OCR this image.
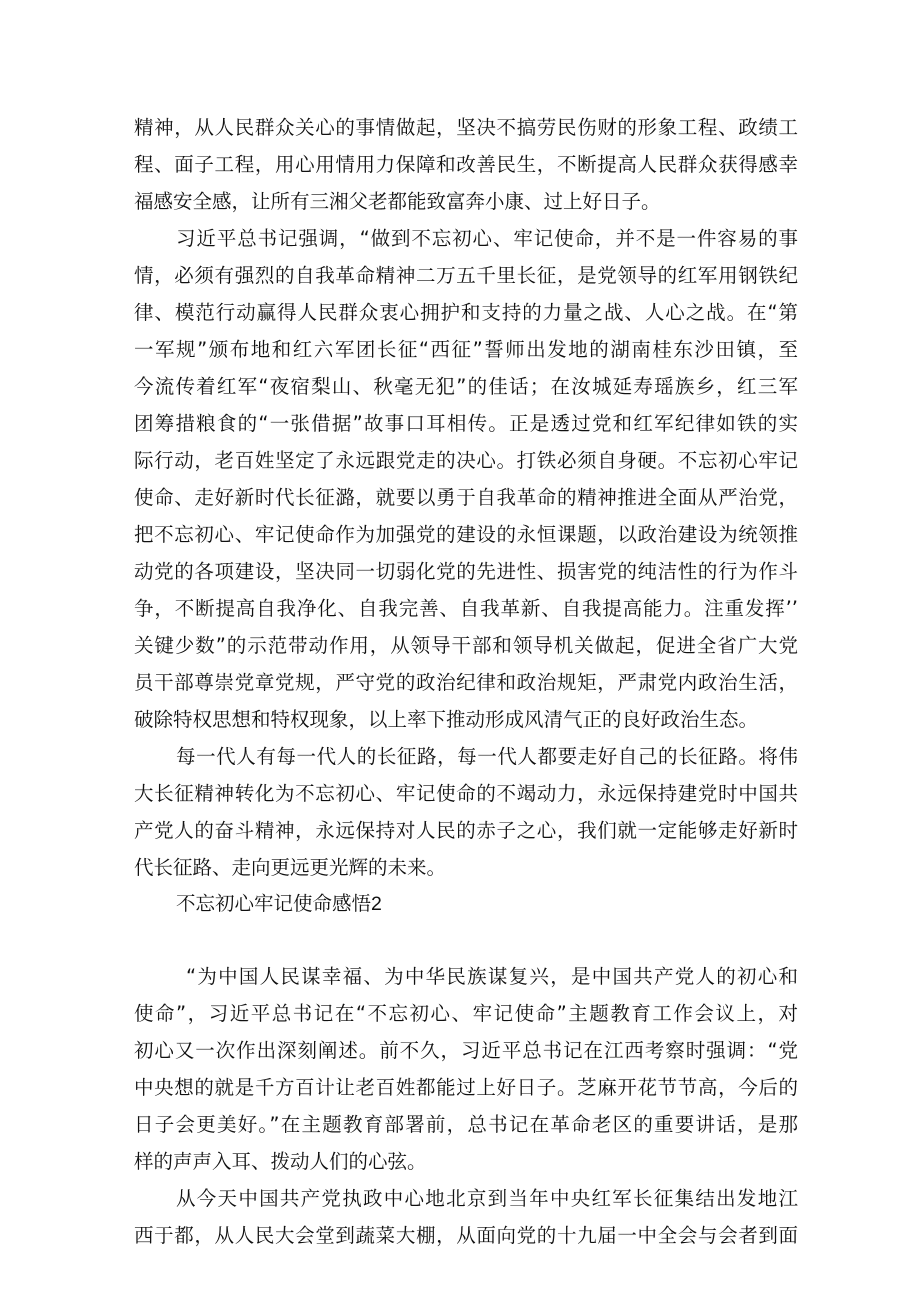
精神，从人民群众关心的事情做起，坚决不搞劳民伤财的形象工程、政绩工
程、面子工程，用心用情用力保障和改善民生，不断提高人民群众获得感幸
福感安全感，让所有三湘父老都能致富奔小康、过上好日子。
习近平总书记强调，“做到不忘初心、牢记使命，并不是一件容易的事
情，必须有强烈的自我革命精神二万五千里长征，是党领导的红军用钢铁纪
律、模范行动赢得人民群众衷心拥护和支持的力量之战、人心之战。在“第
一军规”颁布地和红六军团长征“西征”誓师出发地的湖南桂东沙田镇，至
今流传着红军“夜宿梨山、秋毫无犯”的佳话；在汝城延寿瑶族乡，红三军
团筹措粮食的“一张借据”故事口耳相传。正是透过党和红军纪律如铁的实
际行动，老百姓坚定了永远跟党走的决心。打铁必须自身硬。不忘初心牢记
使命、走好新时代长征潞，就要以勇于自我革命的精神推进全面从严治党，
把不忘初心、牢记使命作为加强党的建设的永恒课题，以政治建设为统领推
动党的各项建设，坚决同一切弱化党的先进性、损害党的纯洁性的行为作斗
争，不断提高自我净化、自我完善、自我革新、自我提高能力。注重发挥’’
关键少数”的示范带动作用，从领导干部和领导机关做起，促进全省广大党
员干部尊崇党章党规，严守党的政治纪律和政治规矩，严肃党内政治生活，
破除特权思想和特权现象，以上率下推动形成风清气正的良好政治生态。
每一代人有每一代人的长征路，每一代人都要走好自己的长征路。将伟
大长征精神转化为不忘初心、牢记使命的不竭动力，永远保持建党时中国共
产党人的奋斗精神，永远保持对人民的赤子之心，我们就一定能够走好新时
代长征路、走向更远更光辉的未来。
不忘初心牢记使命感悟2
“为中国人民谋幸福、为中华民族谋复兴，是中国共产党人的初心和
使命”，习近平总书记在“不忘初心、牢记使命”主题教育工作会议上，对
初心又一次作出深刻阐述。前不久，习近平总书记在江西考察时强调：“党
中央想的就是千方百计让老百姓都能过上好日子。芝麻开花节节高，今后的
日子会更美好。”在主题教育部署前，总书记在革命老区的重要讲话，是那
样的声声入耳、拨动人们的心弦。
从今天中国共产党执政中心地北京到当年中央红军长征集结出发地江
西于都，从人民大会堂到蔬菜大棚，从面向党的十九届一中全会与会者到面
